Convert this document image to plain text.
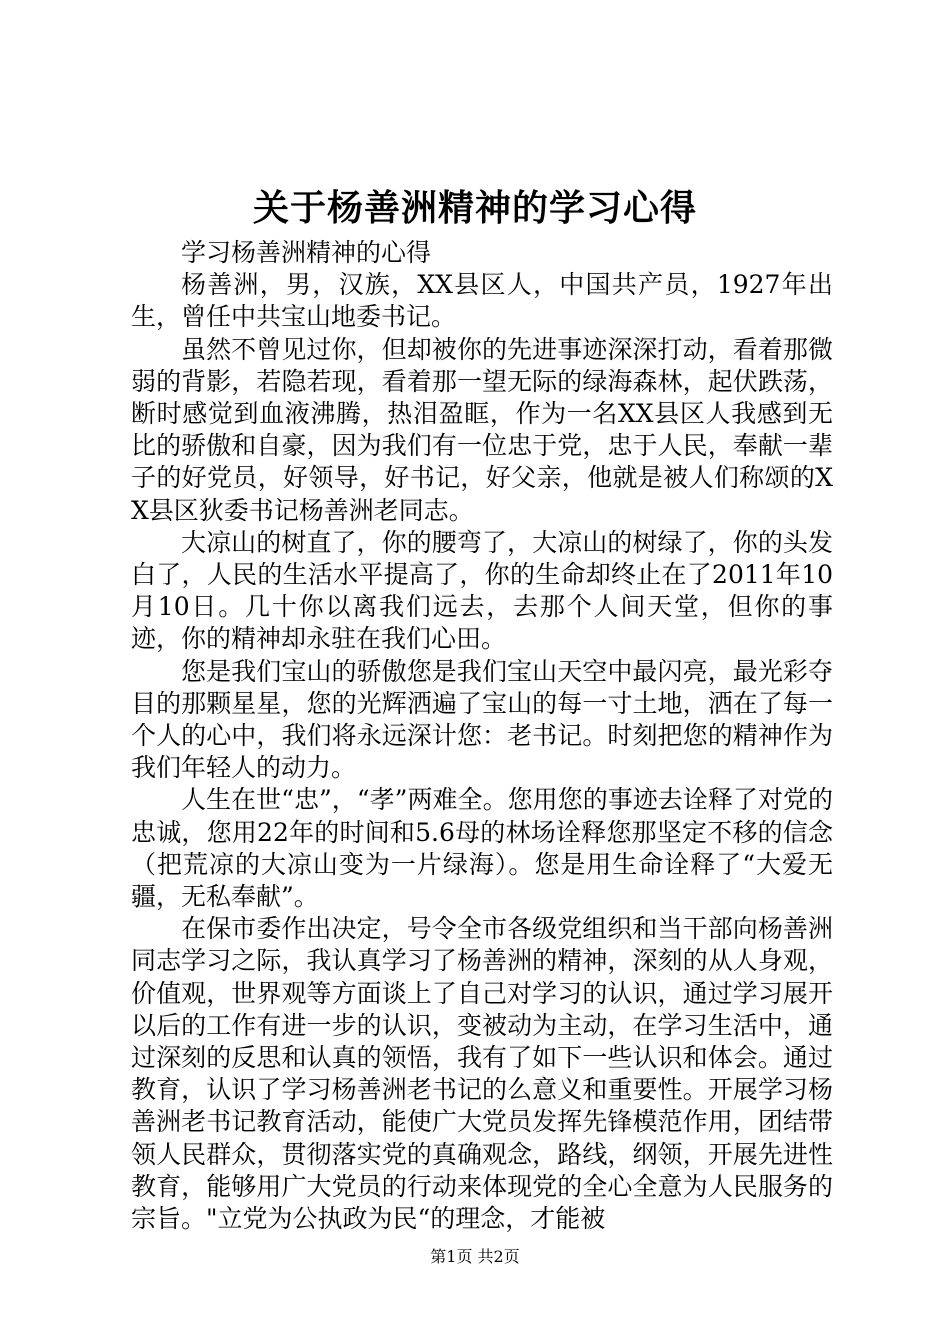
关于杨善洲精神的学习心得

学习杨善洲精神的心得

杨善洲，男，汉族，XX县区人，中国共产员，1927年出生，曾任中共宝山地委书记。

虽然不曾见过你，但却被你的先进事迹深深打动，看着那微弱的背影，若隐若现，看着那一望无际的绿海森林，起伏跌荡，断时感觉到血液沸腾，热泪盈眶，作为一名XX县区人我感到无比的骄傲和自豪，因为我们有一位忠于党，忠于人民，奉献一辈子的好党员，好领导，好书记，好父亲，他就是被人们称颂的XX县区狄委书记杨善洲老同志。

大凉山的树直了，你的腰弯了，大凉山的树绿了，你的头发白了，人民的生活水平提高了，你的生命却终止在了2011年10月10日。几十你以离我们远去，去那个人间天堂，但你的事迹，你的精神却永驻在我们心田。

您是我们宝山的骄傲您是我们宝山天空中最闪亮，最光彩夺目的那颗星星，您的光辉洒遍了宝山的每一寸土地，洒在了每一个人的心中，我们将永远深计您：老书记。时刻把您的精神作为我们年轻人的动力。

人生在世“忠”，“孝”两难全。您用您的事迹去诠释了对党的忠诚，您用22年的时间和5.6母的林场诠释您那坚定不移的信念（把荒凉的大凉山变为一片绿海）。您是用生命诠释了“大爱无疆，无私奉献”。

在保市委作出决定，号令全市各级党组织和当干部向杨善洲同志学习之际，我认真学习了杨善洲的精神，深刻的从人身观，价值观，世界观等方面谈上了自己对学习的认识，通过学习展开以后的工作有进一步的认识，变被动为主动，在学习生活中，通过深刻的反思和认真的领悟，我有了如下一些认识和体会。通过教育，认识了学习杨善洲老书记的么意义和重要性。开展学习杨善洲老书记教育活动，能使广大党员发挥先锋模范作用，团结带领人民群众，贯彻落实党的真确观念，路线，纲领，开展先进性教育，能够用广大党员的行动来体现党的全心全意为人民服务的宗旨。"立党为公执政为民“的理念，才能被

第1页 共2页
